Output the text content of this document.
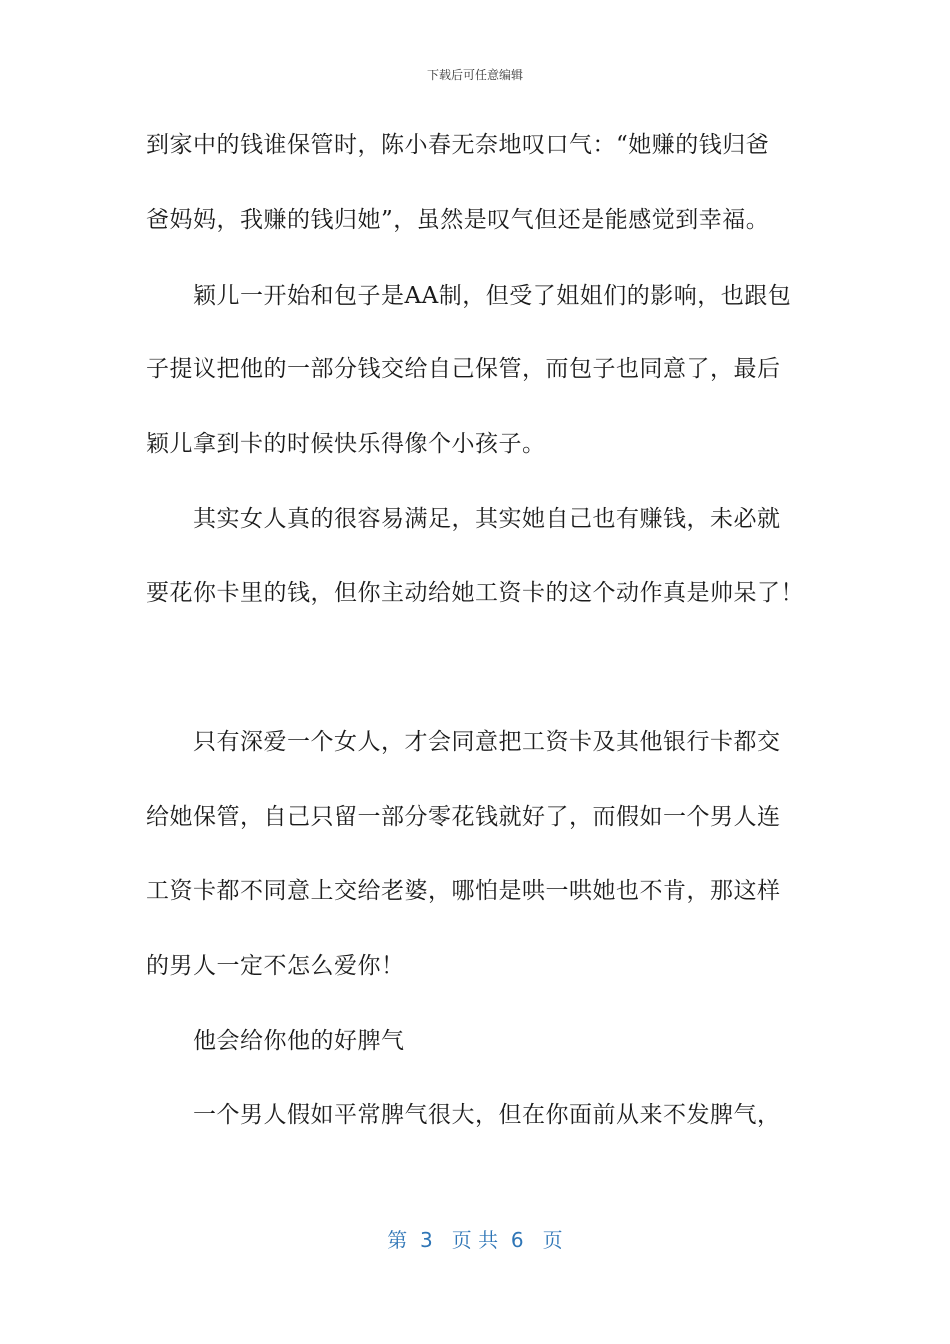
下载后可任意编辑
到家中的钱谁保管时，陈小春无奈地叹口气：“她赚的钱归爸
爸妈妈，我赚的钱归她”，虽然是叹气但还是能感觉到幸福。
颖儿一开始和包子是AA制，但受了姐姐们的影响，也跟包
子提议把他的一部分钱交给自己保管，而包子也同意了，最后
颖儿拿到卡的时候快乐得像个小孩子。
其实女人真的很容易满足，其实她自己也有赚钱，未必就
要花你卡里的钱，但你主动给她工资卡的这个动作真是帅呆了！
只有深爱一个女人，才会同意把工资卡及其他银行卡都交
给她保管，自己只留一部分零花钱就好了，而假如一个男人连
工资卡都不同意上交给老婆，哪怕是哄一哄她也不肯，那这样
的男人一定不怎么爱你！
他会给你他的好脾气
一个男人假如平常脾气很大，但在你面前从来不发脾气，
第  3   页 共  6   页
